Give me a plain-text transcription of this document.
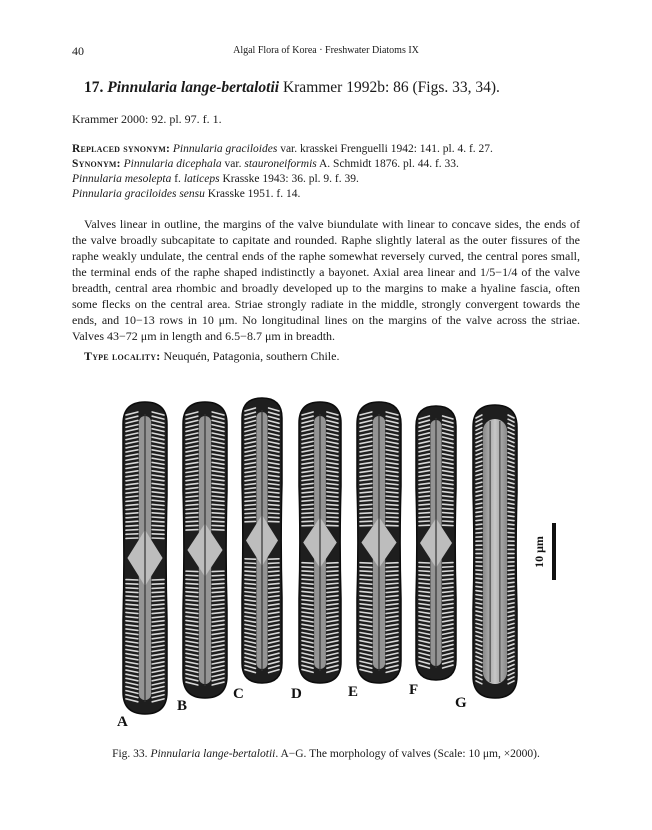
40	Algal Flora of Korea · Freshwater Diatoms IX
17. Pinnularia lange-bertalotii Krammer 1992b: 86 (Figs. 33, 34).
Krammer 2000: 92. pl. 97. f. 1.
Replaced synonym: Pinnularia graciloides var. krasskei Frenguelli 1942: 141. pl. 4. f. 27.
Synonym: Pinnularia dicephala var. stauroneiformis A. Schmidt 1876. pl. 44. f. 33.
Pinnularia mesolepta f. laticeps Krasske 1943: 36. pl. 9. f. 39.
Pinnularia graciloides sensu Krasske 1951. f. 14.

Valves linear in outline, the margins of the valve biundulate with linear to concave sides, the ends of the valve broadly subcapitate to capitate and rounded. Raphe slightly lateral as the outer fissures of the raphe weakly undulate, the central ends of the raphe somewhat reversely curved, the central pores small, the terminal ends of the raphe shaped indistinctly a bayonet. Axial area linear and 1/5−1/4 of the valve breadth, central area rhombic and broadly developed up to the margins to make a hyaline fascia, often some flecks on the central area. Striae strongly radiate in the middle, strongly convergent towards the ends, and 10−13 rows in 10 μm. No longitudinal lines on the margins of the valve across the striae. Valves 43−72 μm in length and 6.5−8.7 μm in breadth.

Type locality: Neuquén, Patagonia, southern Chile.
A
B
C	D	E	F
G
10 μm
Fig. 33. Pinnularia lange-bertalotii. A−G. The morphology of valves (Scale: 10 μm, ×2000).
